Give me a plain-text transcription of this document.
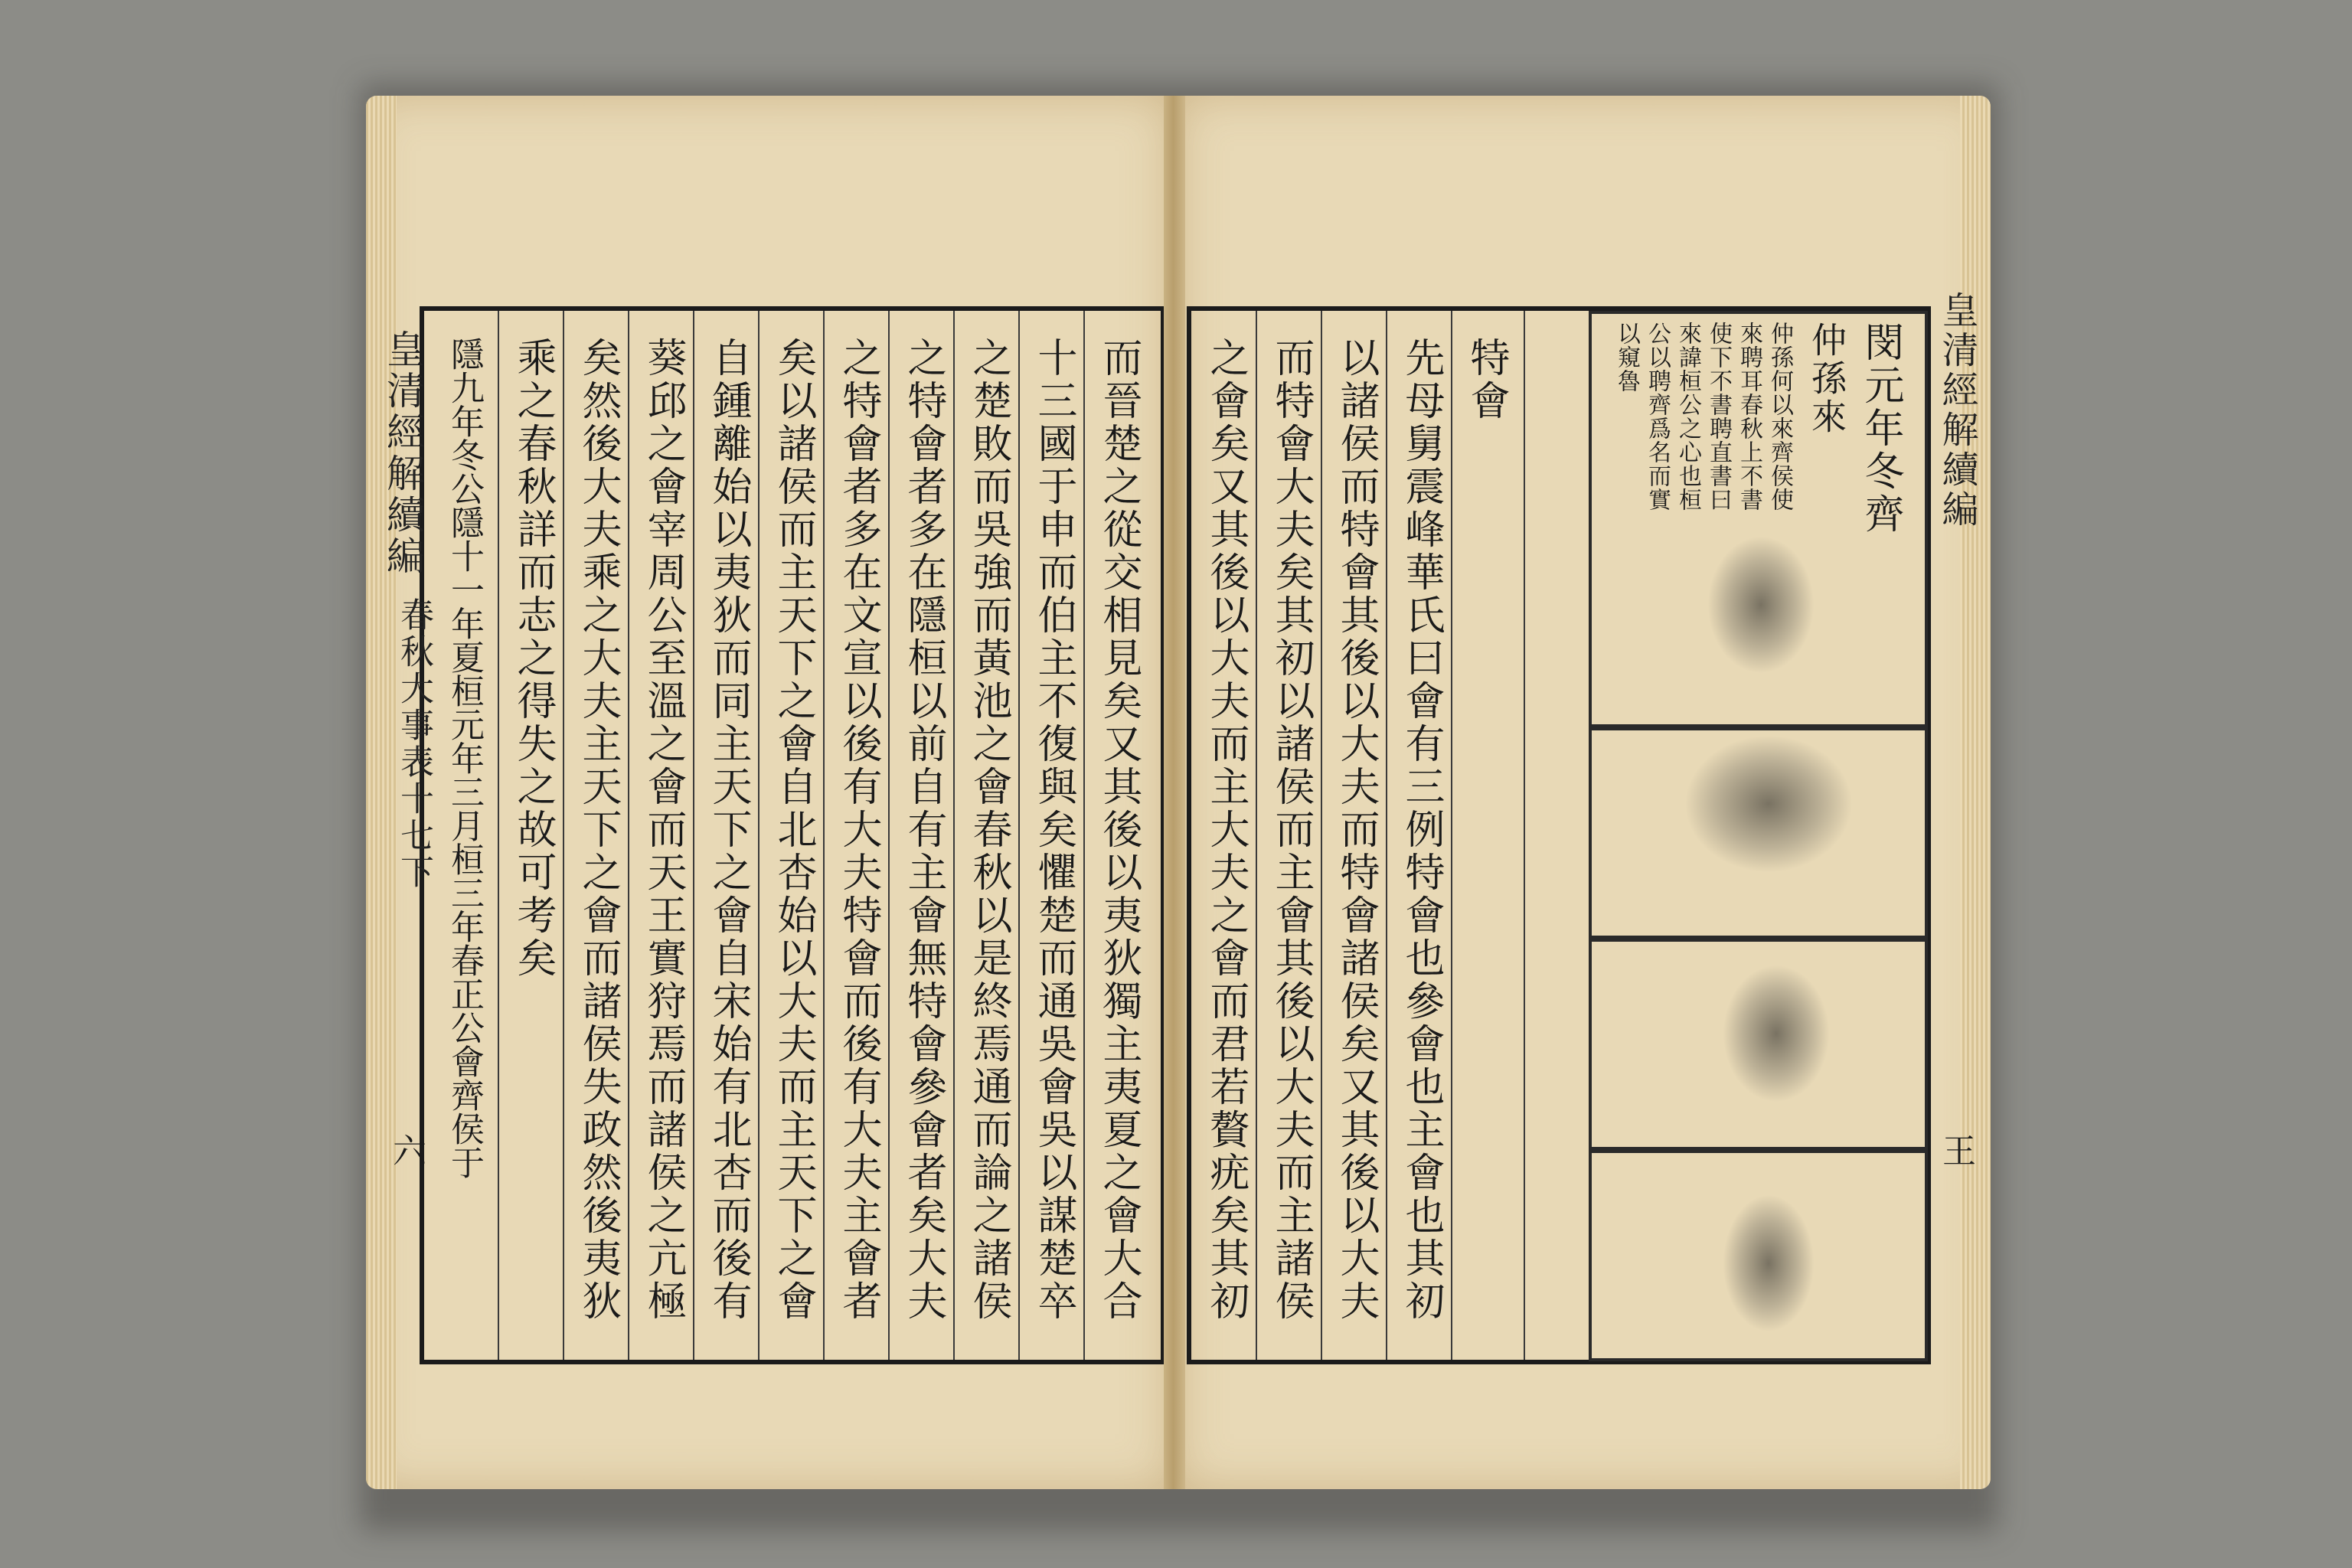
皇清經解續編
春秋大事表十七下
六 隱九年冬公隱十一年夏桓元年三月桓三年春正公會齊侯于	而晉楚之從交相見矣又其後以夷狄獨主夷夏之會大合
十三國于申而伯主不復與矣懼楚而通吳會吳以謀楚卒
之楚敗而吳強而黃池之會春秋以是終焉通而論之諸侯
之特會者多在隱桓以前自有主會無特會參會者矣大夫
之特會者多在文宣以後有大夫特會而後有大夫主會者
矣以諸侯而主天下之會自北杏始以大夫而主天下之會
自鍾離始以夷狄而同主天下之會自宋始有北杏而後有
葵邱之會宰周公至溫之會而天王實狩焉而諸侯之亢極
矣然後大夫乘之大夫主天下之會而諸侯失政然後夷狄
乘之春秋詳而志之得失之故可考矣	特會
先母舅震峰華氏曰會有三例特會也參會也主會也其初
以諸侯而特會其後以大夫而特會諸侯矣又其後以大夫
而特會大夫矣其初以諸侯而主會其後以大夫而主諸侯
之會矣又其後以大夫而主大夫之會而君若贅疣矣其初	閔元年冬齊
仲孫來
仲孫何以來齊侯使
來聘耳春秋上不書
使下不書聘直書曰
來諱桓公之心也桓
公以聘齊爲名而實
以窺魯	皇清經解續編
王
